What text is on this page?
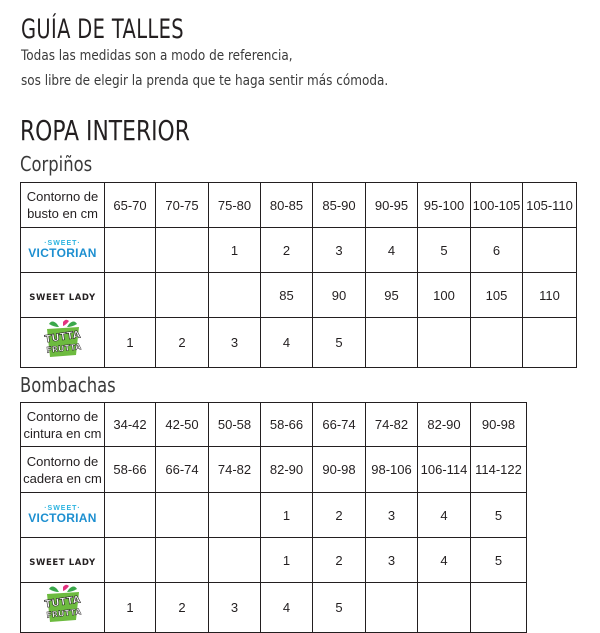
GUÍA DE TALLES
Todas las medidas son a modo de referencia,
sos libre de elegir la prenda que te haga sentir más cómoda.
ROPA INTERIOR
Corpiños
Contorno de
busto en cm	65-70	70-75	75-80	80-85	85-90	90-95	95-100	100-105	105-110

·SWEET·
VICTORIAN			1	2	3	4	5	6	
SWEET LADY				85	90	95	100	105	110

TUTTA
FRUTTA	1	2	3	4	5				
Bombachas
Contorno de
cintura en cm	34-42	42-50	50-58	58-66	66-74	74-82	82-90	90-98
Contorno de
cadera en cm	58-66	66-74	74-82	82-90	90-98	98-106	106-114	114-122

·SWEET·
VICTORIAN				1	2	3	4	5
SWEET LADY				1	2	3	4	5

TUTTA
FRUTTA	1	2	3	4	5			
